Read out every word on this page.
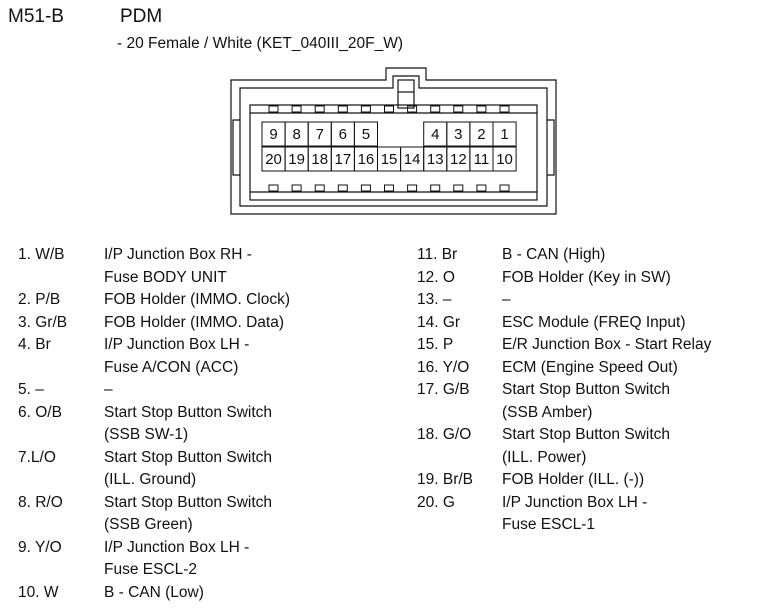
M51-B	PDM
- 20 Female / White (KET_040III_20F_W)
9 8 7 6 5	4 3 2 1
20 19 18 17 16 15 14 13 12 11 10
1. W/B	I/P Junction Box RH -
Fuse BODY UNIT
2. P/B	FOB Holder (IMMO. Clock)
3. Gr/B	FOB Holder (IMMO. Data)
4. Br	I/P Junction Box LH -
Fuse A/CON (ACC)
5. –	–
6. O/B	Start Stop Button Switch
(SSB SW-1)
7.L/O	Start Stop Button Switch
(ILL. Ground)
8. R/O	Start Stop Button Switch
(SSB Green)
9. Y/O	I/P Junction Box LH -
Fuse ESCL-2
10. W	B - CAN (Low)
11. Br	B - CAN (High)
12. O	FOB Holder (Key in SW)
13. –	–
14. Gr	ESC Module (FREQ Input)
15. P	E/R Junction Box - Start Relay
16. Y/O	ECM (Engine Speed Out)
17. G/B	Start Stop Button Switch
(SSB Amber)
18. G/O	Start Stop Button Switch
(ILL. Power)
19. Br/B	FOB Holder (ILL. (-))
20. G	I/P Junction Box LH -
Fuse ESCL-1
